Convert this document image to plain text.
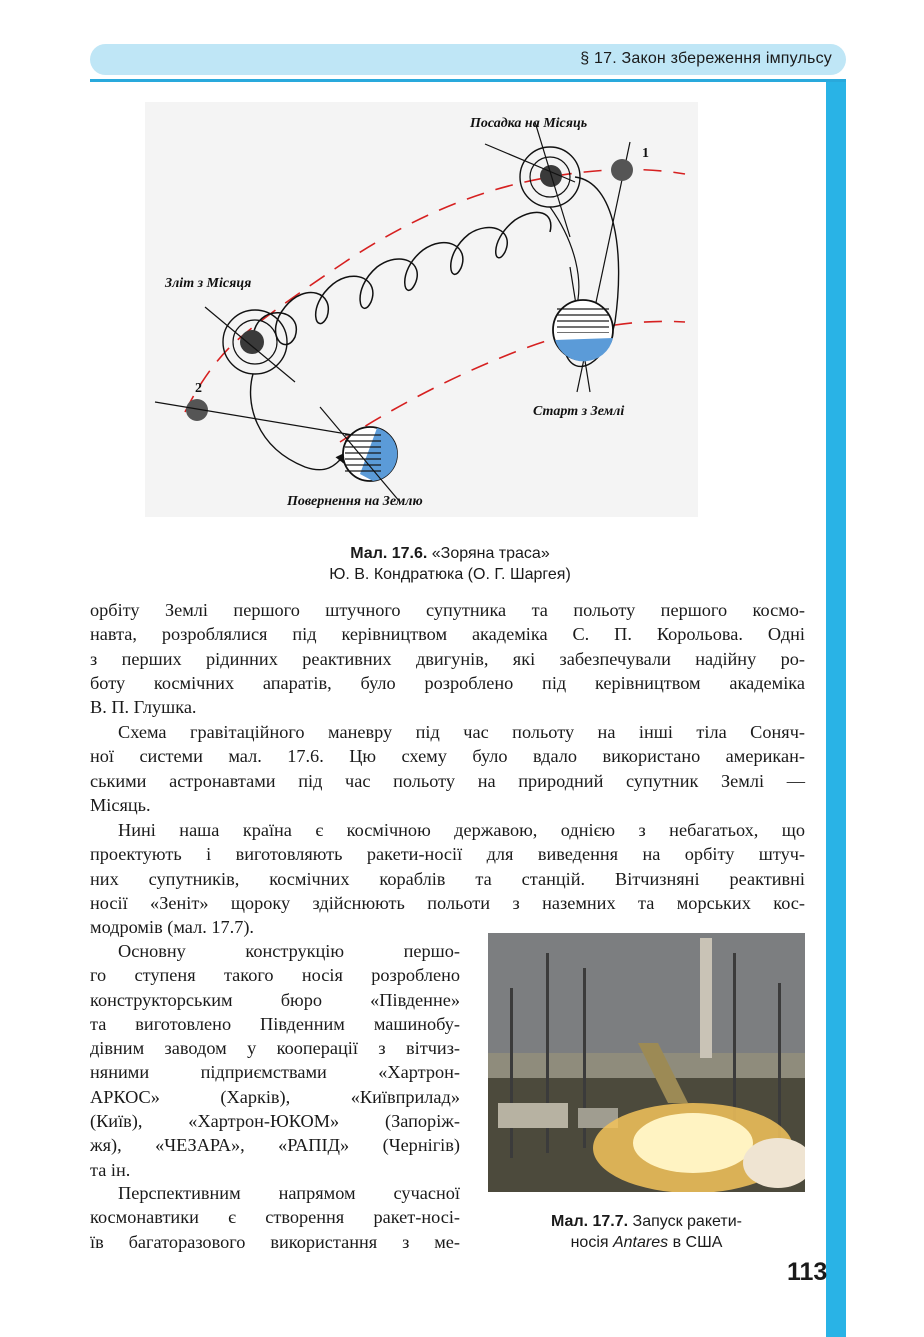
§ 17. Закон збереження імпульсу
1
2
Посадка на Місяць
Зліт з Місяця
Старт з Землі
Повернення на Землю
Мал. 17.6. «Зоряна траса»
Ю. В. Кондратюка (О. Г. Шаргея)
орбіту Землі першого штучного супутника та польоту першого космо-
навта, розроблялися під керівництвом академіка С. П. Корольова. Одні
з перших рідинних реактивних двигунів, які забезпечували надійну ро-
боту космічних апаратів, було розроблено під керівництвом академіка
В. П. Глушка.
Схема гравітаційного маневру під час польоту на інші тіла Соняч-
ної системи мал. 17.6. Цю схему було вдало використано американ-
ськими астронавтами під час польоту на природний супутник Землі —
Місяць.
Нині наша країна є космічною державою, однією з небагатьох, що
проектують і виготовляють ракети-носії для виведення на орбіту штуч-
них супутників, космічних кораблів та станцій. Вітчизняні реактивні
носії «Зеніт» щороку здійснюють польоти з наземних та морських кос-
модромів (мал. 17.7).
Основну конструкцію першо-
го ступеня такого носія розроблено
конструкторським бюро «Південне»
та виготовлено Південним машинобу-
дівним заводом у кооперації з вітчиз-
няними підприємствами «Хартрон-
АРКОС» (Харків), «Київприлад»
(Київ), «Хартрон-ЮКОМ» (Запоріж-
жя), «ЧЕЗАРА», «РАПІД» (Чернігів)
та ін.
Перспективним напрямом сучасної
космонавтики є створення ракет-носі-
їв багаторазового використання з ме-
Мал. 17.7. Запуск ракети-
носія Antares в США
113
